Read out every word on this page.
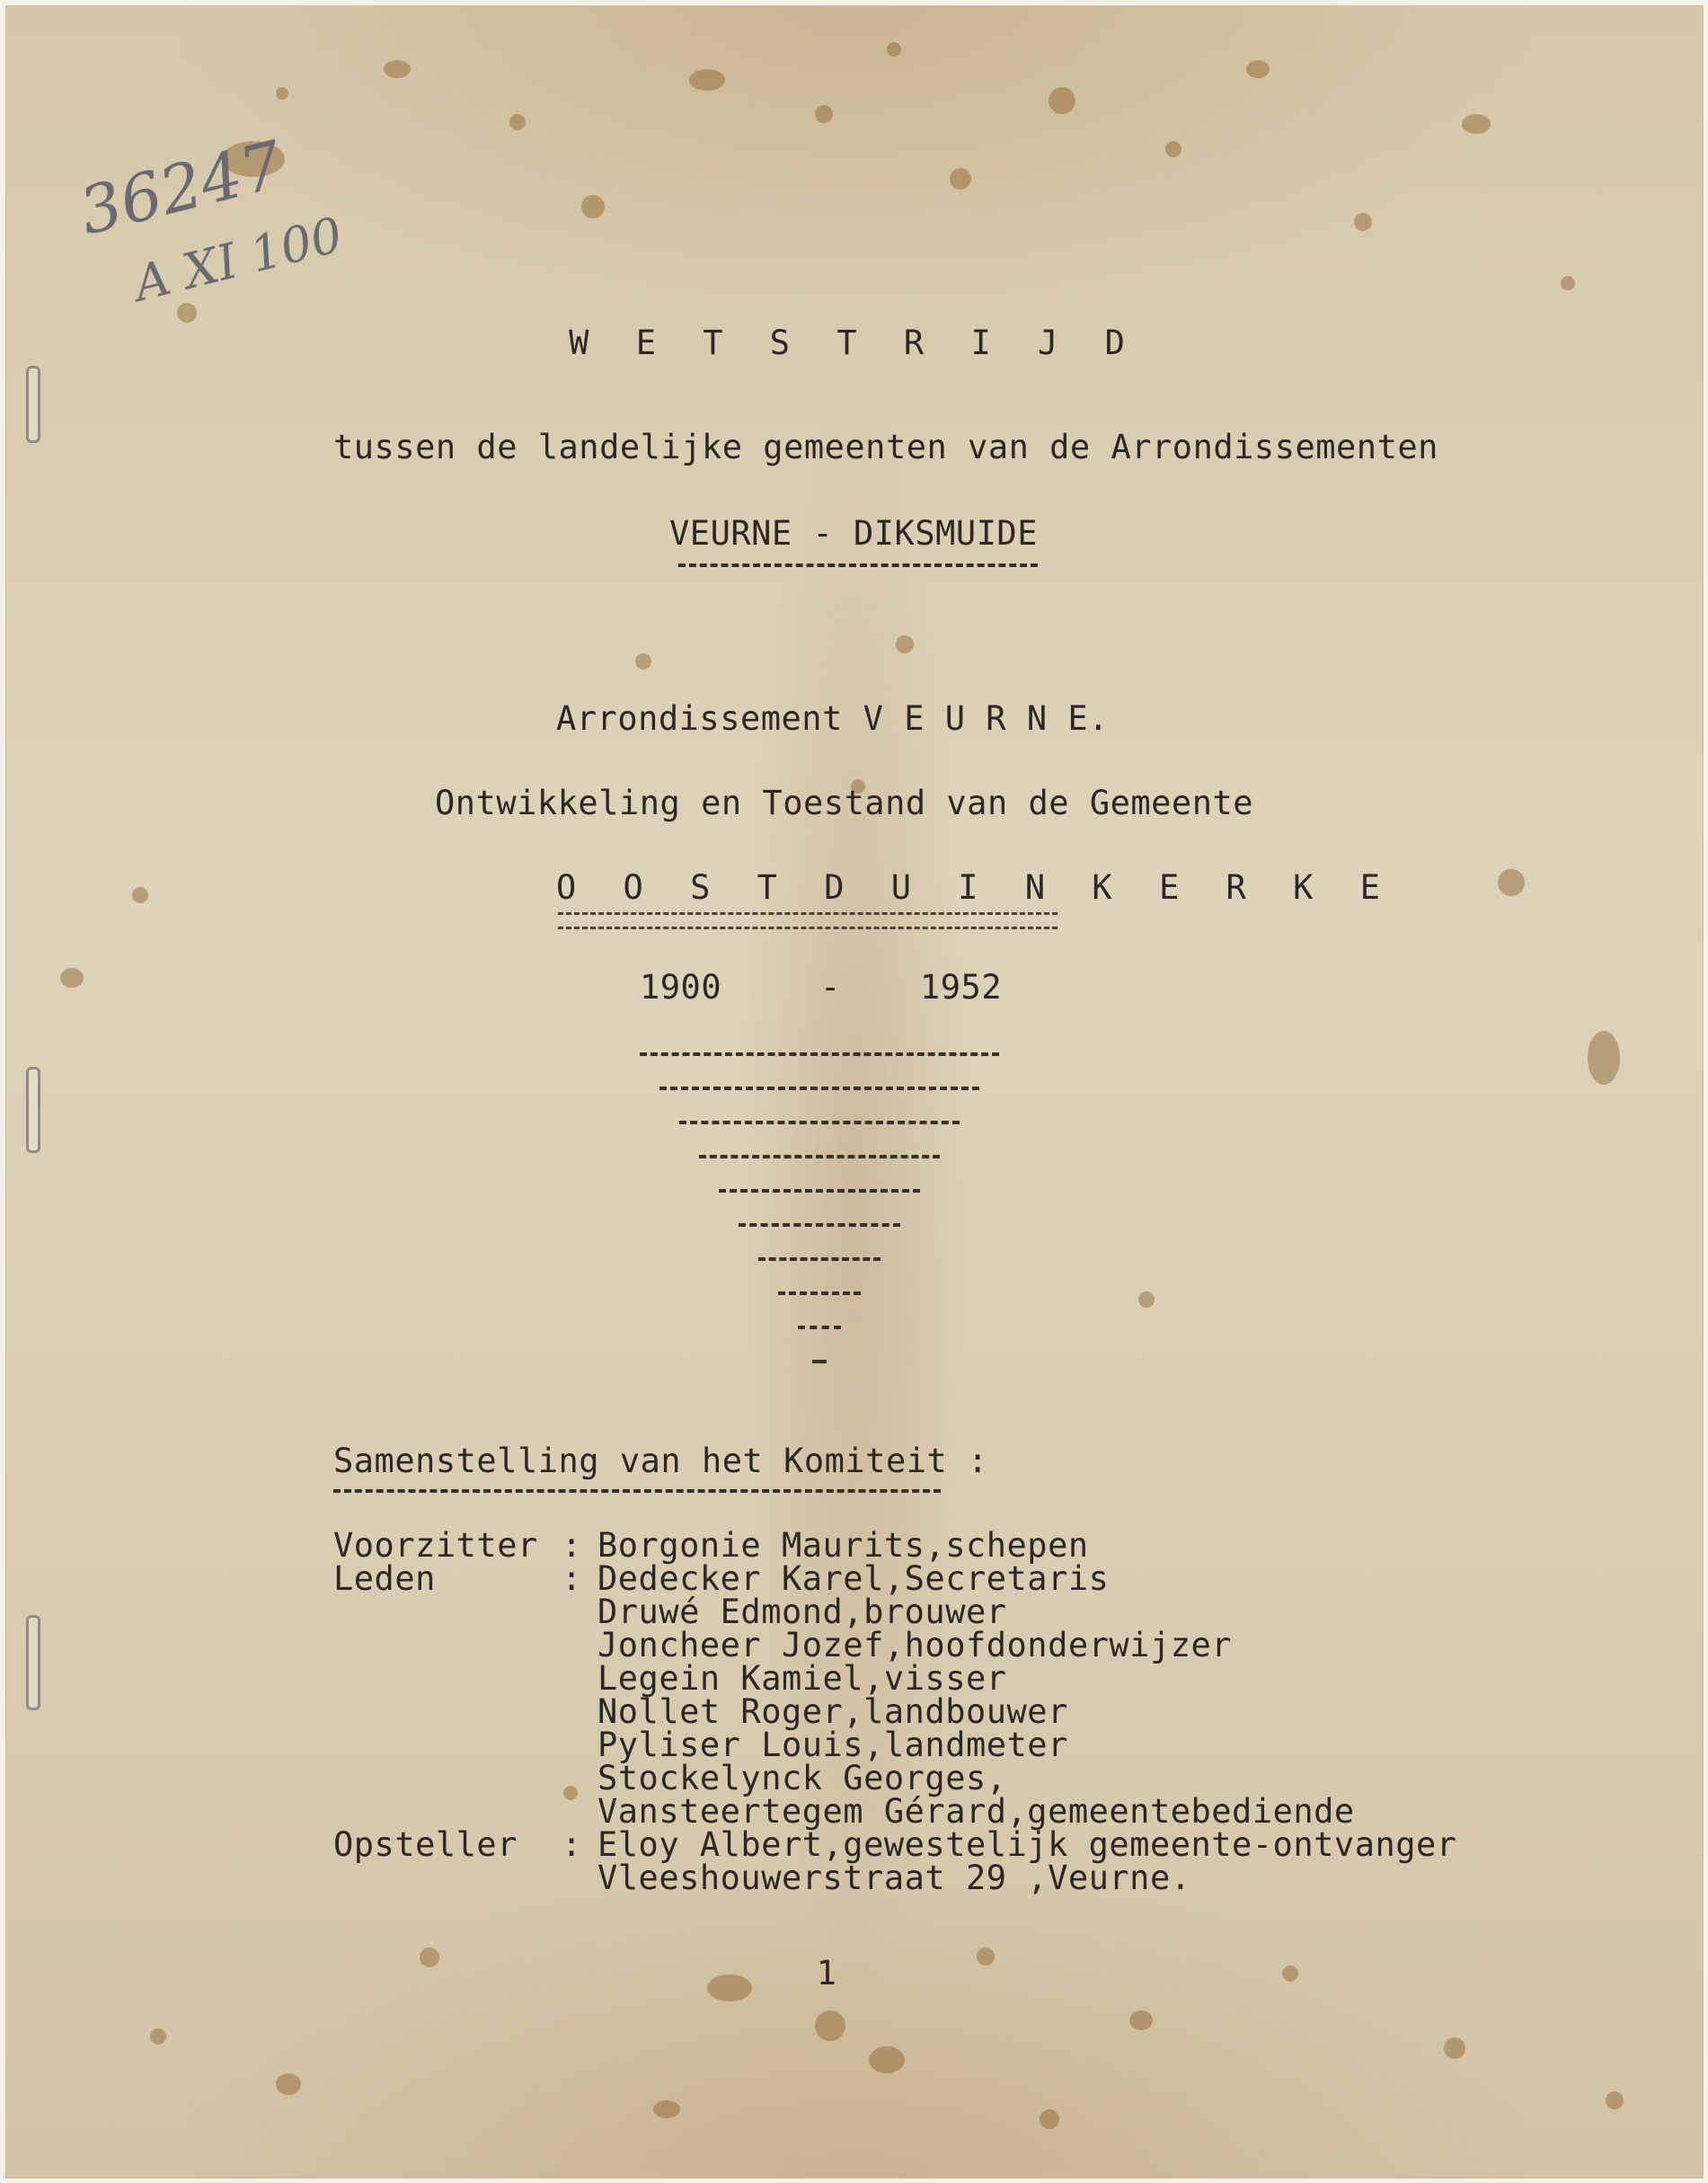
36247
A XI 100
W E T S T R I J D
tussen de landelijke gemeenten van de Arrondissementen
VEURNE - DIKSMUIDE
Arrondissement V E U R N E.
Ontwikkeling en Toestand van de Gemeente
O O S T D U I N K E R K E
1900	- 1952
Samenstelling van het Komiteit :
Voorzitter : Borgonie Maurits,schepen
Leden	: Dedecker Karel,Secretaris
Druwé Edmond,brouwer
Joncheer Jozef,hoofdonderwijzer
Legein Kamiel,visser
Nollet Roger,landbouwer
Pyliser Louis,landmeter
Stockelynck Georges,
Vansteertegem Gérard,gemeentebediende
Opsteller : Eloy Albert,gewestelijk gemeente-ontvanger
Vleeshouwerstraat 29 ,Veurne.
1
